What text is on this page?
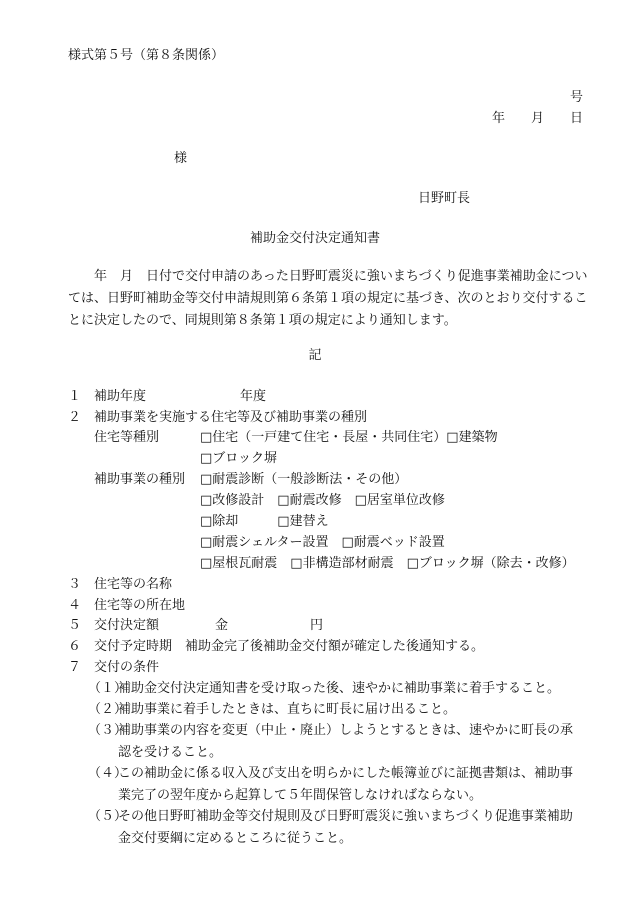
様式第５号（第８条関係）
号
年　　月　　日
様
日野町長
補助金交付決定通知書

　　年　月　日付で交付申請のあった日野町震災に強いまちづくり促進事業補助金については、日野町補助金等交付申請規則第６条第１項の規定に基づき、次のとおり交付することに決定したので、同規則第８条第１項の規定により通知します。

記
１ 補助年度	年度
２ 補助事業を実施する住宅等及び補助事業の種別
住宅等種別	□住宅（一戸建て住宅・長屋・共同住宅）□建築物
□ブロック塀
補助事業の種別 □耐震診断（一般診断法・その他）
□改修設計　□耐震改修　□居室単位改修
□除却　　　□建替え
□耐震シェルター設置　□耐震ベッド設置
□屋根瓦耐震　□非構造部材耐震　□ブロック塀（除去・改修）
３ 住宅等の名称
４ 住宅等の所在地
５ 交付決定額	金	円
６ 交付予定時期 補助金完了後補助金交付額が確定した後通知する。
７ 交付の条件
（１）補助金交付決定通知書を受け取った後、速やかに補助事業に着手すること。
（２）補助事業に着手したときは、直ちに町長に届け出ること。
（３）補助事業の内容を変更（中止・廃止）しようとするときは、速やかに町長の承認を受けること。
（４）この補助金に係る収入及び支出を明らかにした帳簿並びに証拠書類は、補助事業完了の翌年度から起算して５年間保管しなければならない。
（５）その他日野町補助金等交付規則及び日野町震災に強いまちづくり促進事業補助金交付要綱に定めるところに従うこと。
